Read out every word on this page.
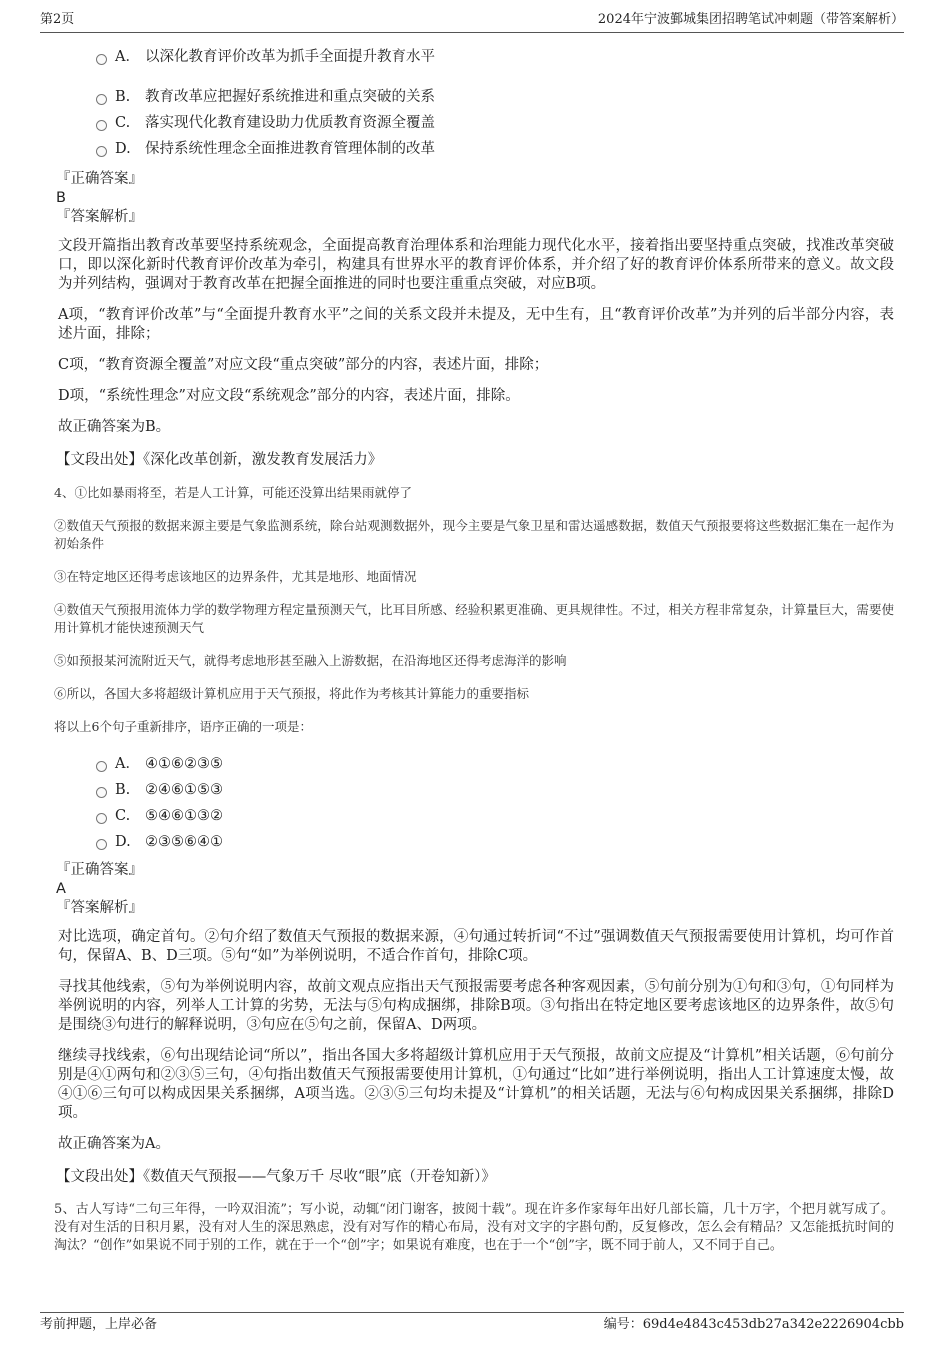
第2页	2024年宁波鄞城集团招聘笔试冲刺题（带答案解析）
A． 以深化教育评价改革为抓手全面提升教育水平
B. 教育改革应把握好系统推进和重点突破的关系
C. 落实现代化教育建设助力优质教育资源全覆盖
D. 保持系统性理念全面推进教育管理体制的改革
『正确答案』
B
『答案解析』
文段开篇指出教育改革要坚持系统观念，全面提高教育治理体系和治理能力现代化水平，接着指出要坚持重点突破，找准改革突破口，即以深化新时代教育评价改革为牵引，构建具有世界水平的教育评价体系，并介绍了好的教育评价体系所带来的意义。故文段为并列结构，强调对于教育改革在把握全面推进的同时也要注重重点突破，对应B项。
A项，“教育评价改革”与“全面提升教育水平”之间的关系文段并未提及，无中生有，且“教育评价改革”为并列的后半部分内容，表述片面，排除；
C项，“教育资源全覆盖”对应文段“重点突破”部分的内容，表述片面，排除；
D项，“系统性理念”对应文段“系统观念”部分的内容，表述片面，排除。
故正确答案为B。
【文段出处】《深化改革创新，激发教育发展活力》
4、①比如暴雨将至，若是人工计算，可能还没算出结果雨就停了
②数值天气预报的数据来源主要是气象监测系统，除台站观测数据外，现今主要是气象卫星和雷达遥感数据，数值天气预报要将这些数据汇集在一起作为初始条件
③在特定地区还得考虑该地区的边界条件，尤其是地形、地面情况
④数值天气预报用流体力学的数学物理方程定量预测天气，比耳目所感、经验积累更准确、更具规律性。不过，相关方程非常复杂，计算量巨大，需要使用计算机才能快速预测天气
⑤如预报某河流附近天气，就得考虑地形甚至融入上游数据，在沿海地区还得考虑海洋的影响
⑥所以，各国大多将超级计算机应用于天气预报，将此作为考核其计算能力的重要指标
将以上6个句子重新排序，语序正确的一项是：
A． ④①⑥②③⑤
B. ②④⑥①⑤③
C. ⑤④⑥①③②
D. ②③⑤⑥④①
『正确答案』
A
『答案解析』
对比选项，确定首句。②句介绍了数值天气预报的数据来源，④句通过转折词“不过”强调数值天气预报需要使用计算机，均可作首句，保留A、B、D三项。⑤句“如”为举例说明，不适合作首句，排除C项。
寻找其他线索，⑤句为举例说明内容，故前文观点应指出天气预报需要考虑各种客观因素，⑤句前分别为①句和③句，①句同样为举例说明的内容，列举人工计算的劣势，无法与⑤句构成捆绑，排除B项。③句指出在特定地区要考虑该地区的边界条件，故⑤句是围绕③句进行的解释说明，③句应在⑤句之前，保留A、D两项。
继续寻找线索，⑥句出现结论词“所以”，指出各国大多将超级计算机应用于天气预报，故前文应提及“计算机”相关话题，⑥句前分别是④①两句和②③⑤三句，④句指出数值天气预报需要使用计算机，①句通过“比如”进行举例说明，指出人工计算速度太慢，故④①⑥三句可以构成因果关系捆绑，A项当选。②③⑤三句均未提及“计算机”的相关话题，无法与⑥句构成因果关系捆绑，排除D项。
故正确答案为A。
【文段出处】《数值天气预报——气象万千 尽收“眼”底（开卷知新）》
5、古人写诗“二句三年得，一吟双泪流”；写小说，动辄“闭门谢客，披阅十载”。现在许多作家每年出好几部长篇，几十万字，个把月就写成了。没有对生活的日积月累，没有对人生的深思熟虑，没有对写作的精心布局，没有对文字的字斟句酌，反复修改，怎么会有精品？又怎能抵抗时间的淘汰？“创作”如果说不同于别的工作，就在于一个“创”字；如果说有难度，也在于一个“创”字，既不同于前人，又不同于自己。
考前押题，上岸必备	编号：69d4e4843c453db27a342e2226904cbb
